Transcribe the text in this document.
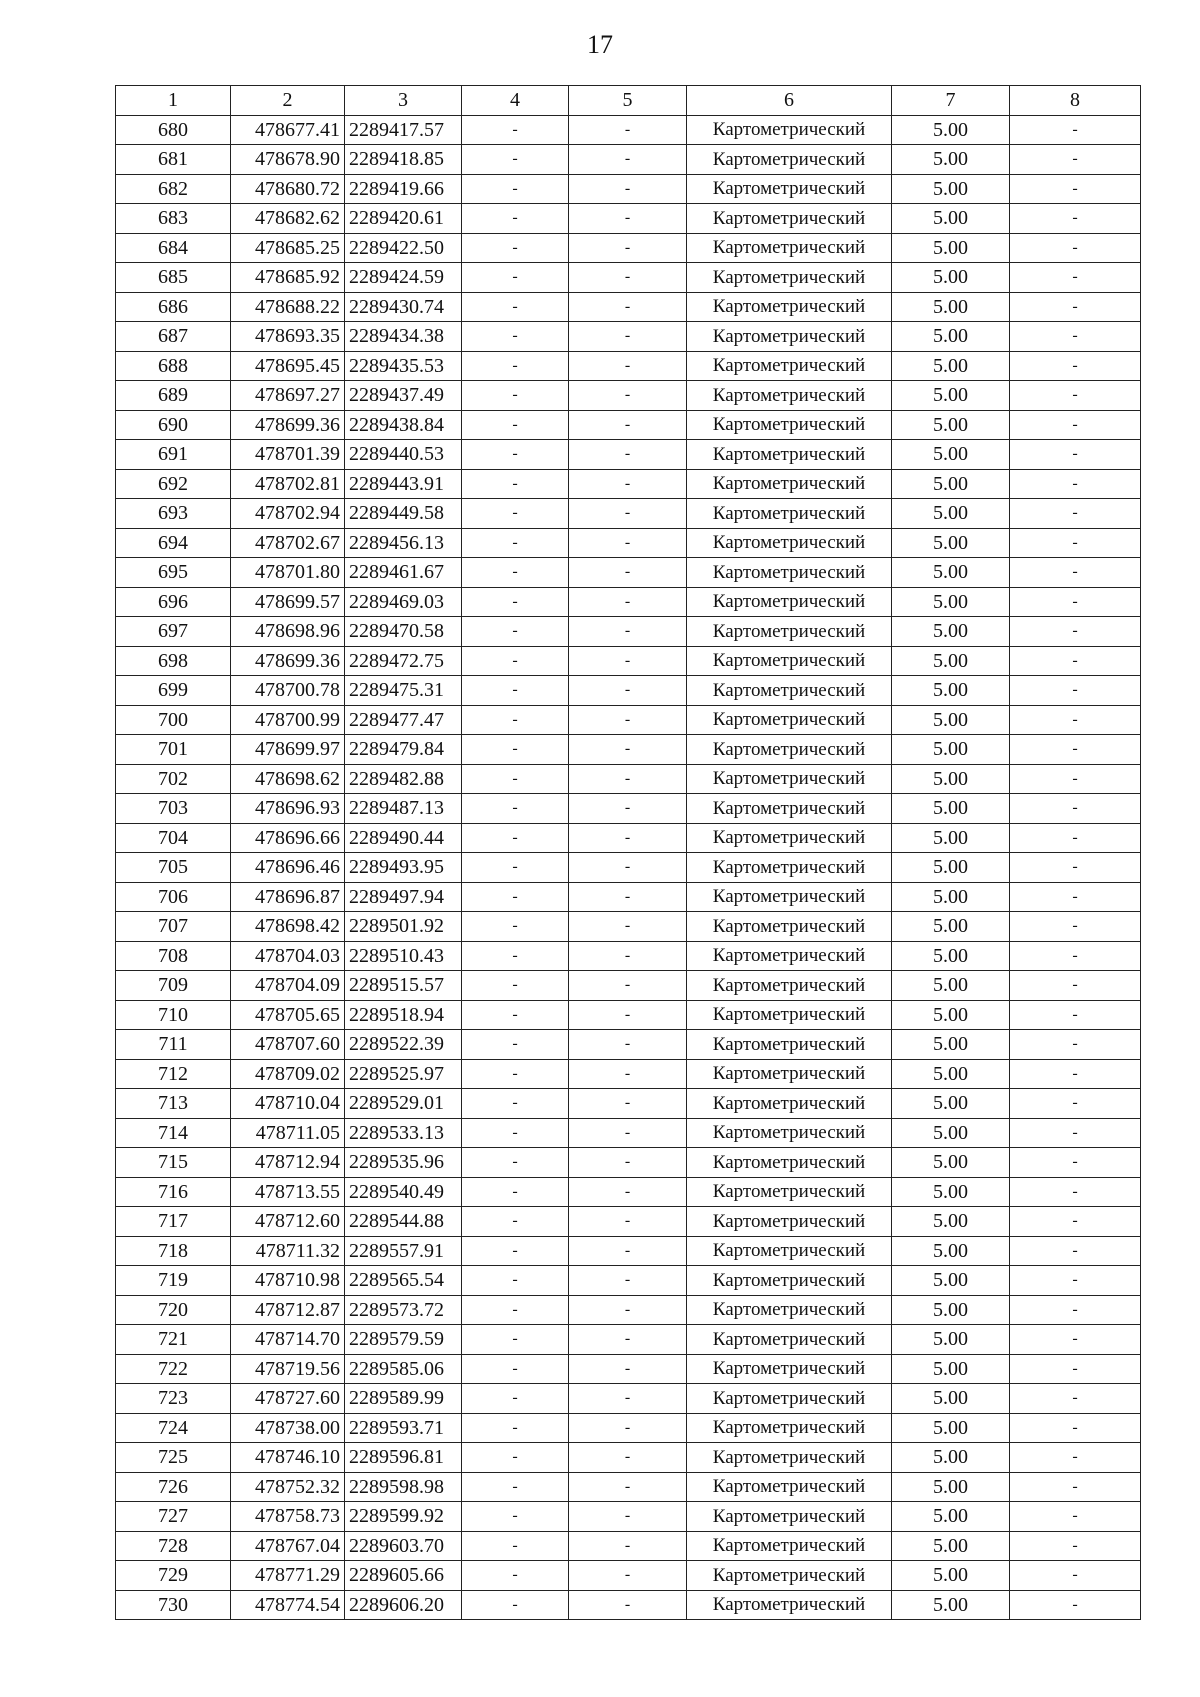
17
1	2	3	4	5	6	7	8
680	478677.41	2289417.57	-	-	Картометрический	5.00	-
681	478678.90	2289418.85	-	-	Картометрический	5.00	-
682	478680.72	2289419.66	-	-	Картометрический	5.00	-
683	478682.62	2289420.61	-	-	Картометрический	5.00	-
684	478685.25	2289422.50	-	-	Картометрический	5.00	-
685	478685.92	2289424.59	-	-	Картометрический	5.00	-
686	478688.22	2289430.74	-	-	Картометрический	5.00	-
687	478693.35	2289434.38	-	-	Картометрический	5.00	-
688	478695.45	2289435.53	-	-	Картометрический	5.00	-
689	478697.27	2289437.49	-	-	Картометрический	5.00	-
690	478699.36	2289438.84	-	-	Картометрический	5.00	-
691	478701.39	2289440.53	-	-	Картометрический	5.00	-
692	478702.81	2289443.91	-	-	Картометрический	5.00	-
693	478702.94	2289449.58	-	-	Картометрический	5.00	-
694	478702.67	2289456.13	-	-	Картометрический	5.00	-
695	478701.80	2289461.67	-	-	Картометрический	5.00	-
696	478699.57	2289469.03	-	-	Картометрический	5.00	-
697	478698.96	2289470.58	-	-	Картометрический	5.00	-
698	478699.36	2289472.75	-	-	Картометрический	5.00	-
699	478700.78	2289475.31	-	-	Картометрический	5.00	-
700	478700.99	2289477.47	-	-	Картометрический	5.00	-
701	478699.97	2289479.84	-	-	Картометрический	5.00	-
702	478698.62	2289482.88	-	-	Картометрический	5.00	-
703	478696.93	2289487.13	-	-	Картометрический	5.00	-
704	478696.66	2289490.44	-	-	Картометрический	5.00	-
705	478696.46	2289493.95	-	-	Картометрический	5.00	-
706	478696.87	2289497.94	-	-	Картометрический	5.00	-
707	478698.42	2289501.92	-	-	Картометрический	5.00	-
708	478704.03	2289510.43	-	-	Картометрический	5.00	-
709	478704.09	2289515.57	-	-	Картометрический	5.00	-
710	478705.65	2289518.94	-	-	Картометрический	5.00	-
711	478707.60	2289522.39	-	-	Картометрический	5.00	-
712	478709.02	2289525.97	-	-	Картометрический	5.00	-
713	478710.04	2289529.01	-	-	Картометрический	5.00	-
714	478711.05	2289533.13	-	-	Картометрический	5.00	-
715	478712.94	2289535.96	-	-	Картометрический	5.00	-
716	478713.55	2289540.49	-	-	Картометрический	5.00	-
717	478712.60	2289544.88	-	-	Картометрический	5.00	-
718	478711.32	2289557.91	-	-	Картометрический	5.00	-
719	478710.98	2289565.54	-	-	Картометрический	5.00	-
720	478712.87	2289573.72	-	-	Картометрический	5.00	-
721	478714.70	2289579.59	-	-	Картометрический	5.00	-
722	478719.56	2289585.06	-	-	Картометрический	5.00	-
723	478727.60	2289589.99	-	-	Картометрический	5.00	-
724	478738.00	2289593.71	-	-	Картометрический	5.00	-
725	478746.10	2289596.81	-	-	Картометрический	5.00	-
726	478752.32	2289598.98	-	-	Картометрический	5.00	-
727	478758.73	2289599.92	-	-	Картометрический	5.00	-
728	478767.04	2289603.70	-	-	Картометрический	5.00	-
729	478771.29	2289605.66	-	-	Картометрический	5.00	-
730	478774.54	2289606.20	-	-	Картометрический	5.00	-
